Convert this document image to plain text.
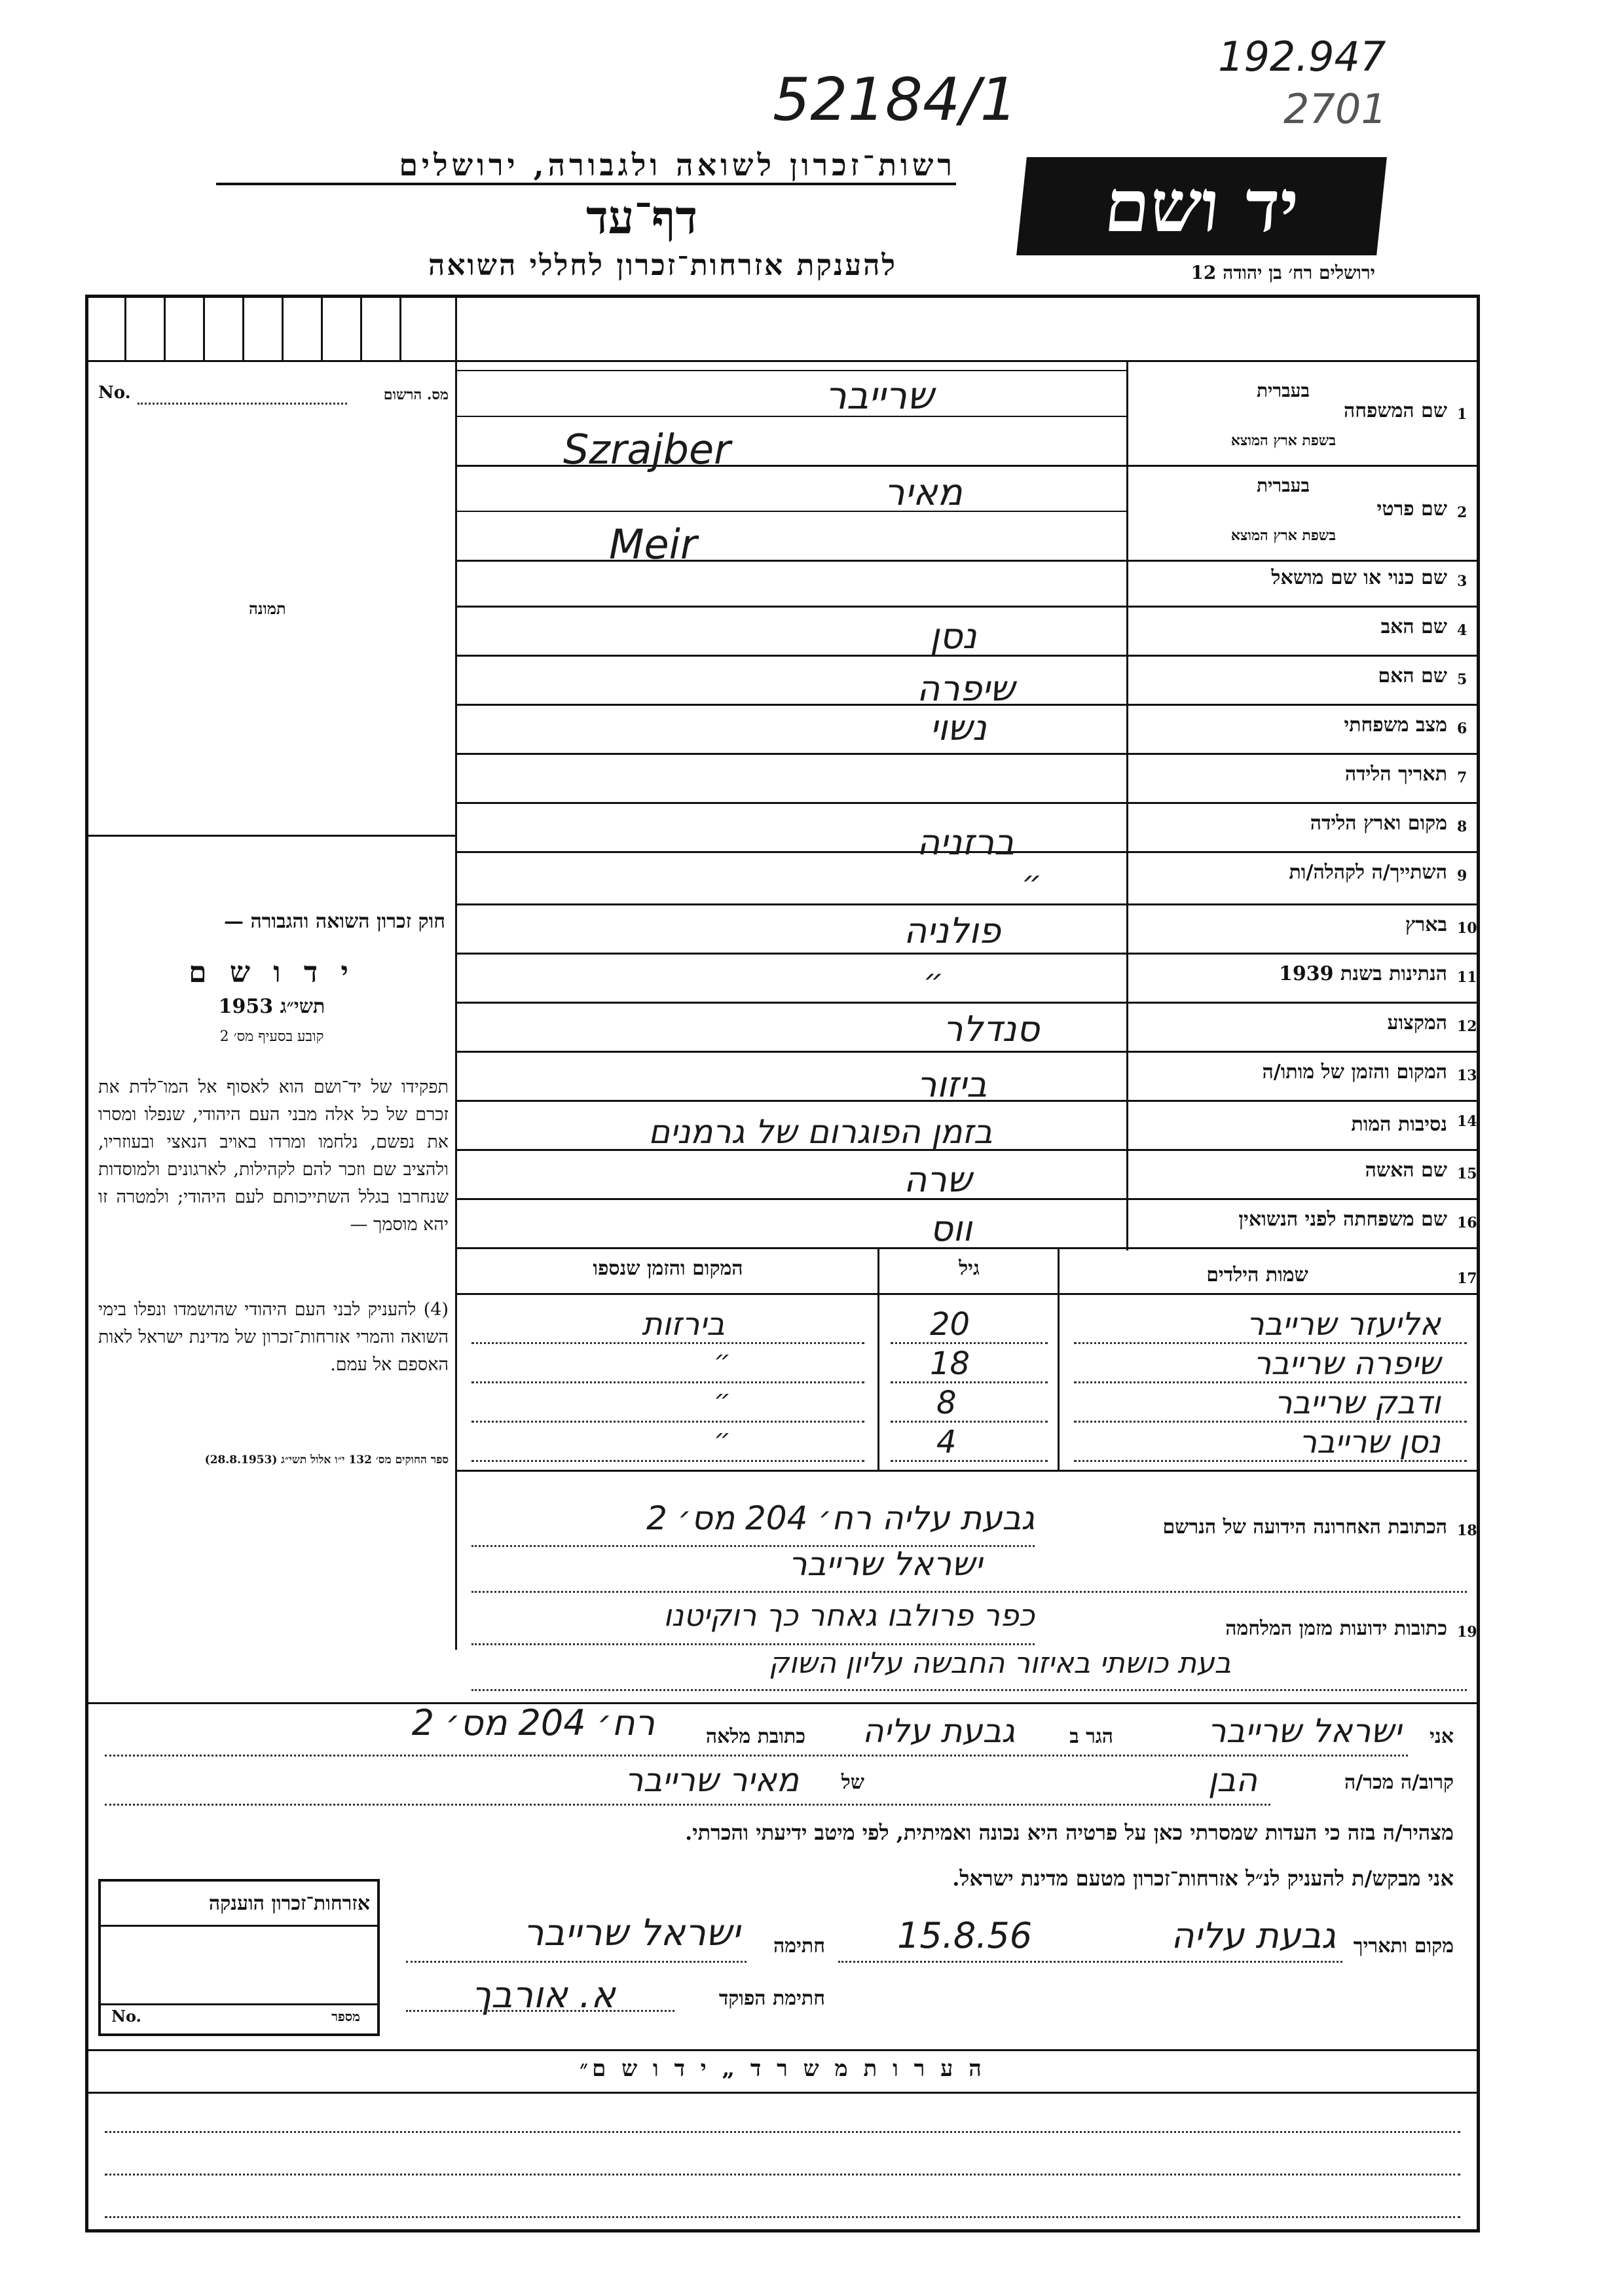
52184/1
192.947
2701
רשות־זכרון לשואה ולגבורה, ירושלים
דף־עד
להענקת אזרחות־זכרון לחללי השואה
יד ושם
ירושלים רח׳ בן יהודה 12
No.	מס. הרשום
תמונה
חוק זכרון השואה והגבורה —
י ד ו ש ם
תשי״ג 1953
קובע בסעיף מס׳ 2
תפקידו של יד־ושם הוא לאסוף אל המו־לדת את זכרם של כל אלה מבני העם היהודי, שנפלו ומסרו את נפשם, נלחמו ומרדו באויב הנאצי ובעוזריו, ולהציב שם וזכר להם לקהילות, לארגונים ולמוסדות שנחרבו בגלל השתייכותם לעם היהודי; ולמטרה זו יהא מוסמך —
(4) להעניק לבני העם היהודי שהושמדו ונפלו בימי השואה והמרי אזרחות־זכרון של מדינת ישראל לאות האספם אל עמם.
ספר החוקים מס׳ 132 י״ו אלול תשי״ג (28.8.1953)
1
שם המשפחה
בעברית
בשפת ארץ המוצא
שרייבר
Szrajber
2
שם פרטי
בעברית
בשפת ארץ המוצא
מאיר
Meir
3
שם כנוי או שם מושאל
4
שם האב
נסן
5
שם האם
שיפרה
6
מצב משפחתי
נשוי
7
תאריך הלידה
8
מקום וארץ הלידה
ברזניה
9
השתייך/ה לקהלה/ות
״
10
בארץ
פולניה
11
הנתינות בשנת 1939
״
12
המקצוע
סנדלר
13
המקום והזמן של מותו/ה
ביזור
14
נסיבות המות
בזמן הפוגרום של גרמנים
15
שם האשה
שרה
16
שם משפחתה לפני הנשואין
ווס
17
שמות הילדים
גיל
המקום והזמן שנספו
אליעזר שרייבר
20
בירזות
שיפרה שרייבר
18
״
ודבק שרייבר
8
״
נסן שרייבר
4
״
18
הכתובת האחרונה הידועה של הנרשם
גבעת עליה רח׳ 204 מס׳ 2
ישראל שרייבר
19
כתובות ידועות מזמן המלחמה
כפר פרולבו גאחר כך רוקיטנו
בעת כושתי באיזור החבשה עליון השוק
אני
ישראל שרייבר
הגר ב
גבעת עליה
כתובת מלאה
רח׳ 204 מס׳ 2
קרוב/ה מכר/ה
הבן
של
מאיר שרייבר
מצהיר/ה בזה כי העדות שמסרתי כאן על פרטיה היא נכונה ואמיתית, לפי מיטב ידיעתי והכרתי.
אני מבקש/ת להעניק לנ״ל אזרחות־זכרון מטעם מדינת ישראל.
אזרחות־זכרון הוענקה
No.	מספר
מקום ותאריך
גבעת עליה
15.8.56
חתימה
ישראל שרייבר
חתימת הפוקד
א. אורבך
ה ע ר ו ת מ ש ר ד „ י ד ו ש ם״
